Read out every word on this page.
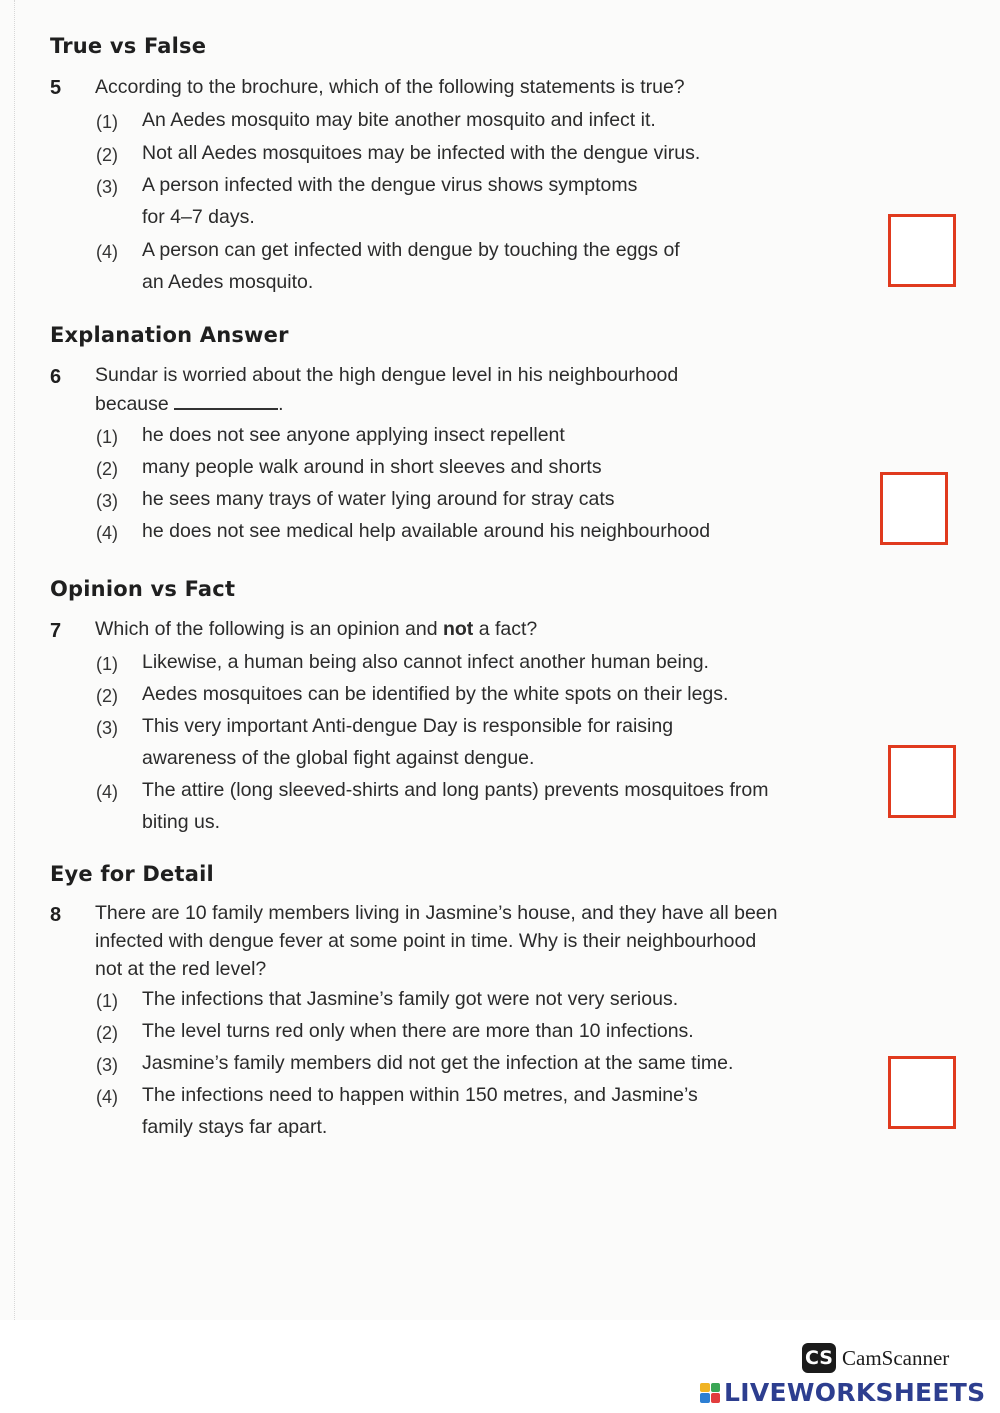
True vs False
5 According to the brochure, which of the following statements is true?
(1) An Aedes mosquito may bite another mosquito and infect it.
(2) Not all Aedes mosquitoes may be infected with the dengue virus.
(3) A person infected with the dengue virus shows symptoms
for 4–7 days.
(4) A person can get infected with dengue by touching the eggs of
an Aedes mosquito.
Explanation Answer
6 Sundar is worried about the high dengue level in his neighbourhood
because	.
(1) he does not see anyone applying insect repellent
(2) many people walk around in short sleeves and shorts
(3) he sees many trays of water lying around for stray cats
(4) he does not see medical help available around his neighbourhood
Opinion vs Fact
7 Which of the following is an opinion and not a fact?
(1) Likewise, a human being also cannot infect another human being.
(2) Aedes mosquitoes can be identified by the white spots on their legs.
(3) This very important Anti-dengue Day is responsible for raising
awareness of the global fight against dengue.
(4) The attire (long sleeved-shirts and long pants) prevents mosquitoes from
biting us.
Eye for Detail
8 There are 10 family members living in Jasmine’s house, and they have all been
infected with dengue fever at some point in time. Why is their neighbourhood
not at the red level?
(1) The infections that Jasmine’s family got were not very serious.
(2) The level turns red only when there are more than 10 infections.
(3) Jasmine’s family members did not get the infection at the same time.
(4) The infections need to happen within 150 metres, and Jasmine’s
family stays far apart.
CS CamScanner
LIVEWORKSHEETS
